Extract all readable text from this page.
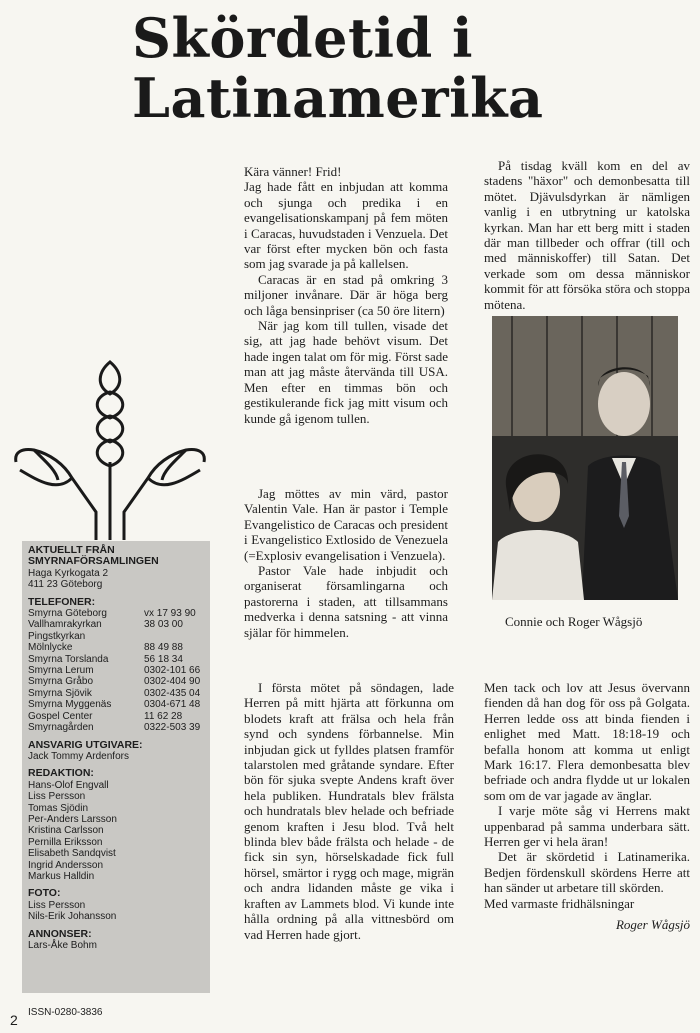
Skördetid i
Latinamerika

Kära vänner! Frid!

Jag hade fått en inbjudan att komma och sjunga och predika i en evangelisationskampanj på fem möten i Caracas, huvudstaden i Venzuela. Det var först efter mycken bön och fasta som jag svarade ja på kallelsen.

Caracas är en stad på omkring 3 miljoner invånare. Där är höga berg och låga bensinpriser (ca 50 öre litern)

När jag kom till tullen, visade det sig, att jag hade behövt visum. Det hade ingen talat om för mig. Först sade man att jag måste återvända till USA. Men efter en timmas bön och gestikulerande fick jag mitt visum och kunde gå igenom tullen.

Jag möttes av min värd, pastor Valentin Vale. Han är pastor i Temple Evangelistico de Caracas och president i Evangelistico Extlosido de Venezuela (=Explosiv evangelisation i Venzuela).

Pastor Vale hade inbjudit och organiserat församlingarna och pastorerna i staden, att tillsammans medverka i denna satsning - att vinna själar för himmelen.

På tisdag kväll kom en del av stadens "häxor" och demonbesattа till mötet. Djävulsdyrkan är nämligen vanlig i en utbrytning ur katolska kyrkan. Man har ett berg mitt i staden där man tillbeder och offrar (till och med människoffer) till Satan. Det verkade som om dessa människor kommit för att försöka störa och stoppa mötena.

Connie och Roger Wågsjö

I första mötet på söndagen, lade Herren på mitt hjärta att förkunna om blodets kraft att frälsa och hela från synd och syndens förbannelse. Min inbjudan gick ut fylldes platsen framför talarstolen med gråtande syndare. Efter bön för sjuka svepte Andens kraft över hela publiken. Hundratals blev frälsta och hundratals blev helade och befriade genom kraften i Jesu blod. Två helt blinda blev både frälsta och helade - de fick sin syn, hörselskadade fick full hörsel, smärtor i rygg och mage, migrän och andra lidanden måste ge vika i kraften av Lammets blod. Vi kunde inte hålla ordning på alla vittnesbörd om vad Herren hade gjort.

Men tack och lov att Jesus övervann fienden då han dog för oss på Golgata. Herren ledde oss att binda fienden i enlighet med Matt. 18:18-19 och befalla honom att komma ut enligt Mark 16:17. Flera demonbesatta blev befriade och andra flydde ut ur lokalen som om de var jagade av änglar.

I varje möte såg vi Herrens makt uppenbarad på samma underbara sätt. Herren ger vi hela äran!

Det är skördetid i Latinamerika. Bedjen fördenskull skördens Herre att han sänder ut arbetare till skörden.

Med varmaste fridhälsningar

Roger Wågsjö
AKTUELLT FRÅN
SMYRNAFÖRSAMLINGEN
Haga Kyrkogata 2
411 23 Göteborg
TELEFONER:
Smyrna Göteborg	vx 17 93 90
Vallhamrakyrkan	38 03 00
Pingstkyrkan
Mölnlycke	88 49 88
Smyrna Torslanda	56 18 34
Smyrna Lerum	0302-101 66
Smyrna Gråbo	0302-404 90
Smyrna Sjövik	0302-435 04
Smyrna Myggenäs	0304-671 48
Gospel Center	11 62 28
Smyrnagården	0322-503 39
ANSVARIG UTGIVARE:
Jack Tommy Ardenfors
REDAKTION:
Hans-Olof Engvall
Liss Persson
Tomas Sjödin
Per-Anders Larsson
Kristina Carlsson
Pernilla Eriksson
Elisabeth Sandqvist
Ingrid Andersson
Markus Halldin
FOTO:
Liss Persson
Nils-Erik Johansson
ANNONSER:
Lars-Åke Bohm
ISSN-0280-3836
2
